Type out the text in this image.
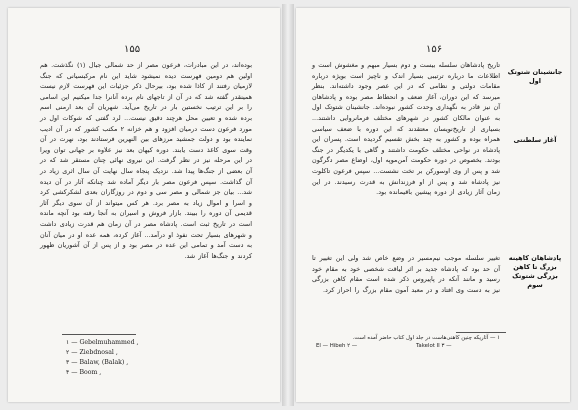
۱۵۵
بوده‌اند، در این مبادرات، فرعون مصر از حد شمالی جبال (۱) نگذشت. هم اولین هم دومین فهرست دیده نمیشود شاید این نام مرکبسیانی که جنگ لازمیان رفتند از کاذا شده بود، بیرحال ذکر جزئیات این فهرست لازم نیست همینقدر گفته شد که در آن از تاجهای نام برده آنانرا جدا میکنیم این اسامی را بر این ترتیب نخستین بار در تاریخ می‌آید. شهریان آن بعد ارمنی اسم برده شده و تعیین محل هرچند دقیق نیست... لرد گفتی که شوکات اول در مورد فرعون دست درمیان افزود و هم خزانه ۲ مکتب کشور که در آن ادیب نماینده بود و دولت جمشید مرزهای بین النهرین فرستادند بود، نهرت در آن وقت سوی کاغذ دست یابند. دوره کیهان بعد نیز علاوه بر جهانی توان ویرا در این مرحله نیز در نظر گرفت. این نیروی نهائی چنان مستقر شد که در آن بعضی از جنگ‌ها پیدا شد. نزدیک پنجاه سال نهایت آن سال اثری زیاد در آن گذاشت. سپس فرعون مصر بار دیگر آماده شد چنانکه آثار در آن دیده شد... بیان جز شمالی و مصر سی و دوم در روزگاران بعدی لشکرکشی کرد و اسرا و اموال زیاد به مصر برد. هر کس میتواند از آن سوی دیگر آثار قدیمی آن دوره را ببیند. بازار فروش و اسیران به آنجا رفته بود آنچه مانده است در تاریخ ثبت است. پادشاه مصر در آن زمان هم قدرت زیادی داشت و شهرهای بسیار تحت نفوذ او درآمد... آغاز کرده، همه عده او در میان آنان به دست آمد و تمامی این عده در مصر بود و از پس از آن آشوریان ظهور کردند و جنگ‌ها آغاز شد.
۱ — Gebelmuhammed ,
۲ — Ziebdnosal ,
۳ — Balaw, (Balak) ,
۴ — Boom ,
۱۵۶
جانشینان شتوتک اول
آغاز سلطنتی
پادشاهان کاهینه بزرگ تا کاهن بزرگی شتوتک سوم
تاریخ پادشاهان سلسله بیست و دوم بسیار مبهم و مغشوش است و اطلاعات ما درباره ترتیبی بسیار اندک و ناچیز است بویژه درباره مقامات دولتی و نظامی که در این عصر وجود داشته‌اند. بنظر میرسد که این دوران، آغاز ضعف و انحطاط مصر بوده و پادشاهان آن نیز قادر به نگهداری وحدت کشور نبوده‌اند. جانشینان شتوتک اول به عنوان مالکان کشور در شهرهای مختلف فرمانروایی داشتند... بسیاری از تاریخ‌نویسان معتقدند که این دوره با ضعف سیاسی همراه بوده و کشور به چند بخش تقسیم گردیده است. پسران این پادشاه در نواحی مختلف حکومت داشتند و گاهی با یکدیگر در جنگ بودند. بخصوص در دوره حکومت آمن‌موپه اول، اوضاع مصر دگرگون شد و پس از وی اوسورکن بر تخت نشست... سپس فرعون تاکلوت نیز پادشاه شد و پس از او فرزندانش به قدرت رسیدند. در این زمان آثار زیادی از دوره پیشین باقیمانده بود.
تغییر سلسله موجب نیم‌مسیر در وضع خاص شد ولی این تغییر تا آن حد بود که پادشاه جدید بر اثر لیاقت شخصی خود به مقام خود رسید و مانند آنکه در پاپیروس ذکر شده است مقام کاهن بزرگی نیز به دست وی افتاد و در معبد آمون مقام بزرگ را احراز کرد.
۱ — آثاریکه چنین کاهنی‌هاست در جلد اول کتاب حاضر آمده است.
El — Hibeh ۲ —	Takelot II ۳ —
